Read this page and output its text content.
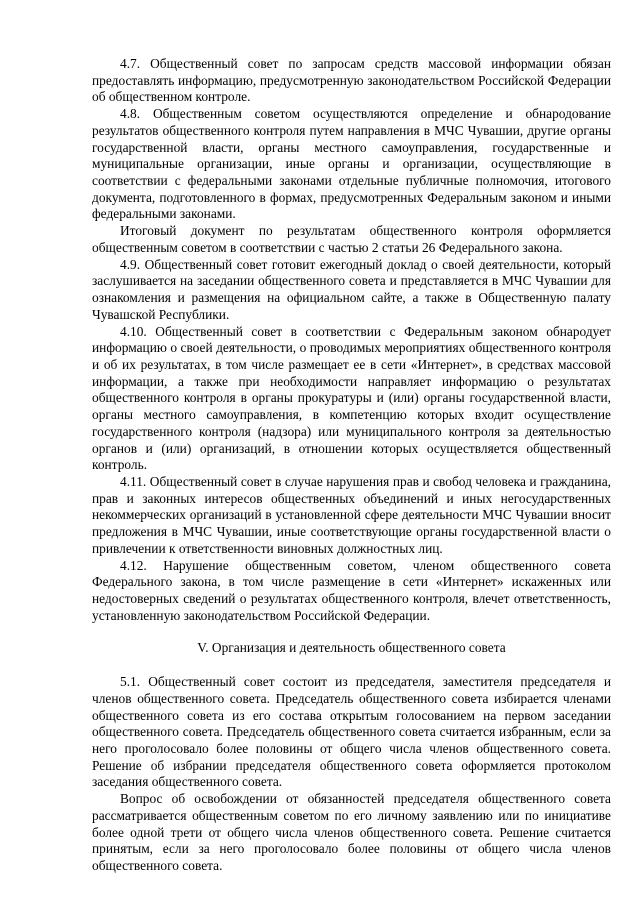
4.7. Общественный совет по запросам средств массовой информации обязан предоставлять информацию, предусмотренную законодательством Российской Федерации об общественном контроле.

4.8. Общественным советом осуществляются определение и обнародование результатов общественного контроля путем направления в МЧС Чувашии, другие органы государственной власти, органы местного самоуправления, государственные и муниципальные организации, иные органы и организации, осуществляющие в соответствии с федеральными законами отдельные публичные полномочия, итогового документа, подготовленного в формах, предусмотренных Федеральным законом и иными федеральными законами.

Итоговый документ по результатам общественного контроля оформляется общественным советом в соответствии с частью 2 статьи 26 Федерального закона.

4.9. Общественный совет готовит ежегодный доклад о своей деятельности, который заслушивается на заседании общественного совета и представляется в МЧС Чувашии для ознакомления и размещения на официальном сайте, а также в Общественную палату Чувашской Республики.

4.10. Общественный совет в соответствии с Федеральным законом обнародует информацию о своей деятельности, о проводимых мероприятиях общественного контроля и об их результатах, в том числе размещает ее в сети «Интернет», в средствах массовой информации, а также при необходимости направляет информацию о результатах общественного контроля в органы прокуратуры и (или) органы государственной власти, органы местного самоуправления, в компетенцию которых входит осуществление государственного контроля (надзора) или муниципального контроля за деятельностью органов и (или) организаций, в отношении которых осуществляется общественный контроль.

4.11. Общественный совет в случае нарушения прав и свобод человека и гражданина, прав и законных интересов общественных объединений и иных негосударственных некоммерческих организаций в установленной сфере деятельности МЧС Чувашии вносит предложения в МЧС Чувашии, иные соответствующие органы государственной власти о привлечении к ответственности виновных должностных лиц.

4.12. Нарушение общественным советом, членом общественного совета Федерального закона, в том числе размещение в сети «Интернет» искаженных или недостоверных сведений о результатах общественного контроля, влечет ответственность, установленную законодательством Российской Федерации.

V. Организация и деятельность общественного совета

5.1. Общественный совет состоит из председателя, заместителя председателя и членов общественного совета. Председатель общественного совета избирается членами общественного совета из его состава открытым голосованием на первом заседании общественного совета. Председатель общественного совета считается избранным, если за него проголосовало более половины от общего числа членов общественного совета. Решение об избрании председателя общественного совета оформляется протоколом заседания общественного совета.

Вопрос об освобождении от обязанностей председателя общественного совета рассматривается общественным советом по его личному заявлению или по инициативе более одной трети от общего числа членов общественного совета. Решение считается принятым, если за него проголосовало более половины от общего числа членов общественного совета.
